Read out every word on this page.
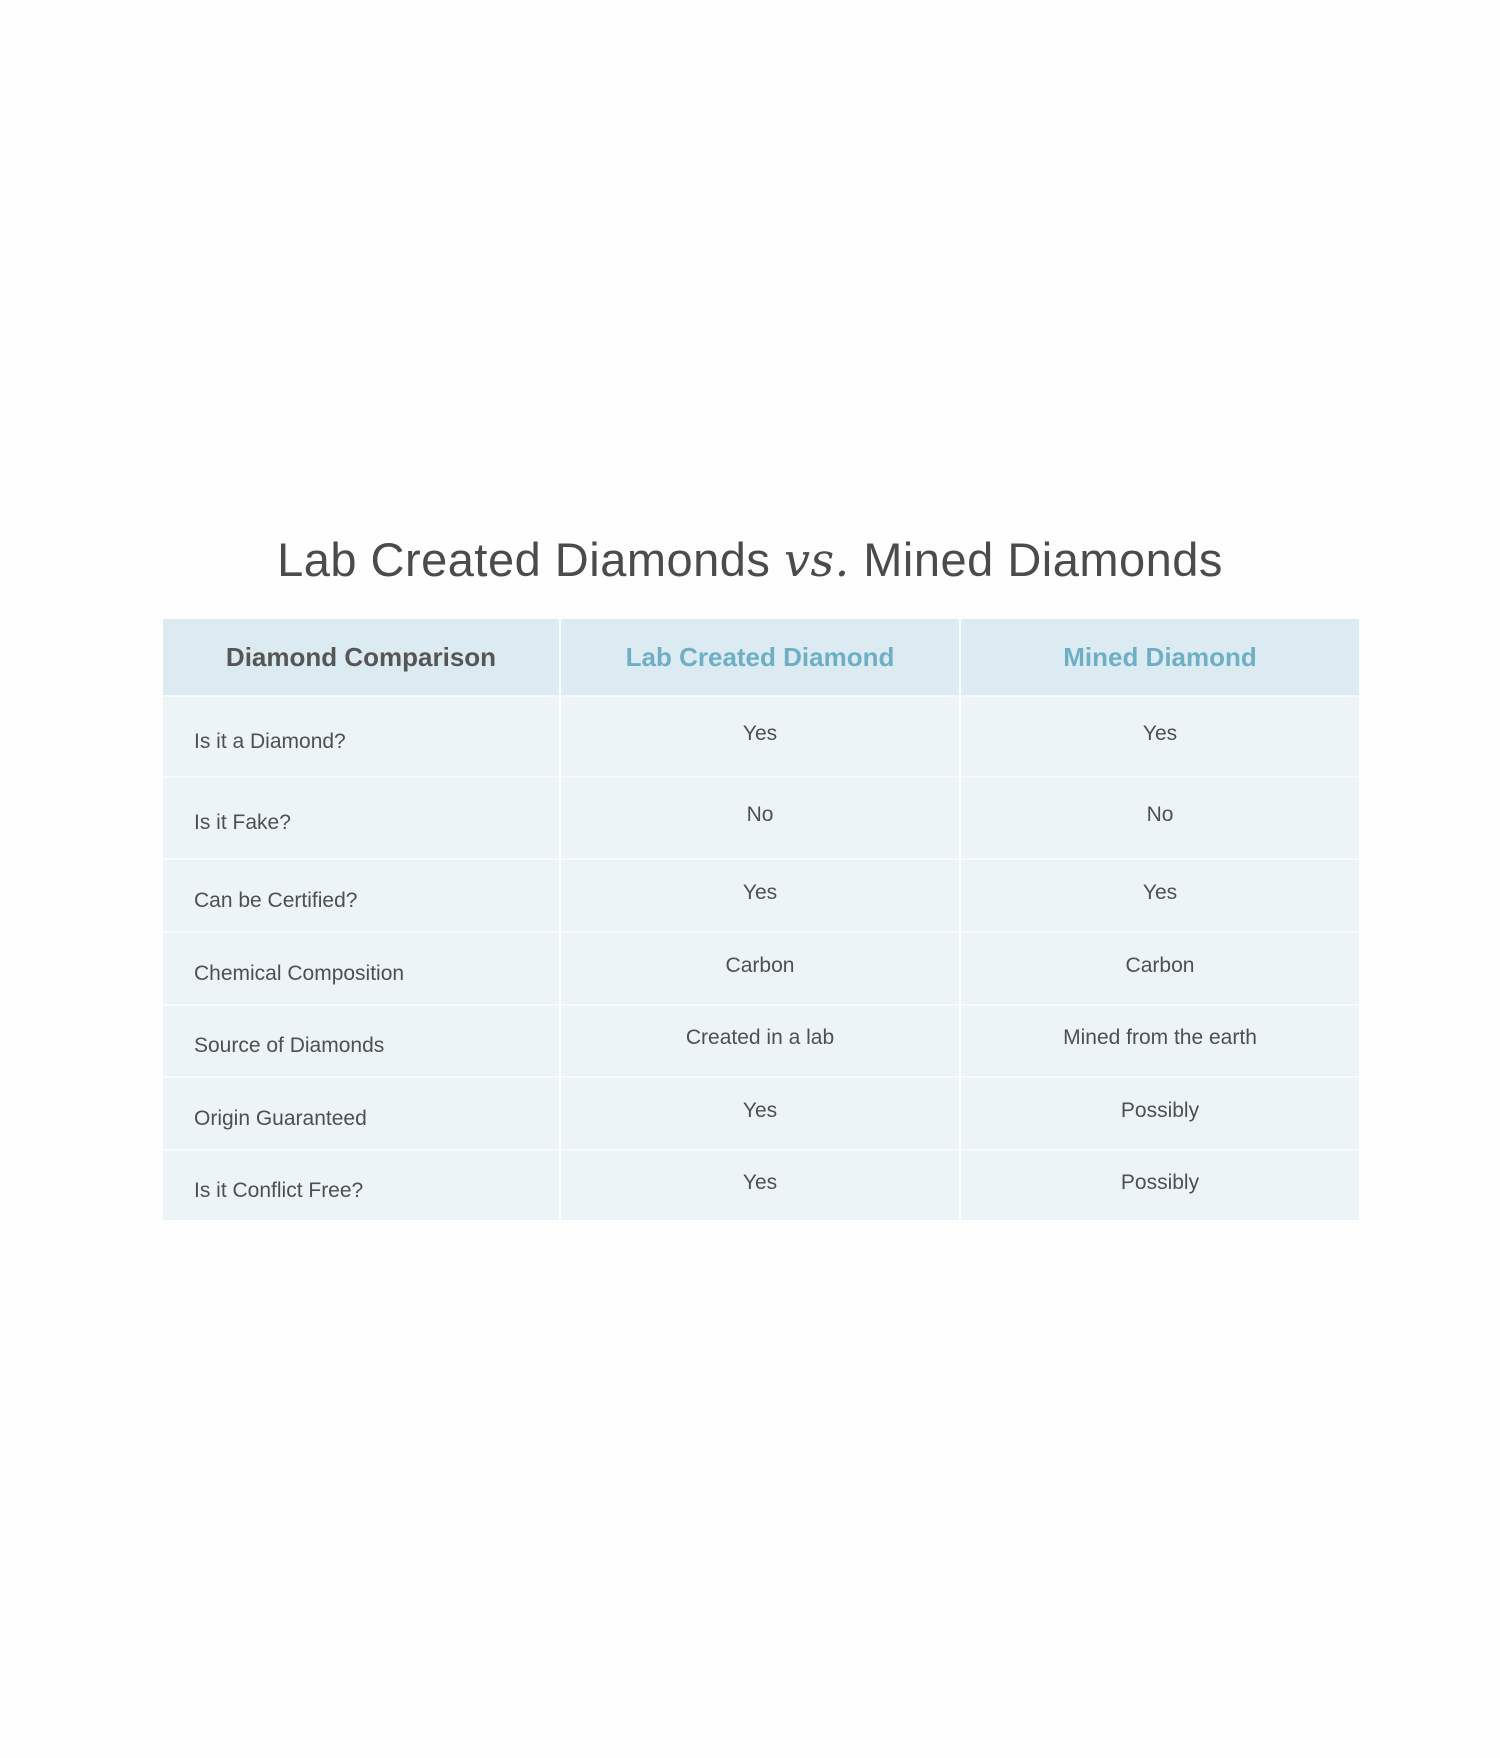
Lab Created Diamonds vs. Mined Diamonds
Diamond Comparison	Lab Created Diamond	Mined Diamond
Is it a Diamond?	Yes	Yes
Is it Fake?	No	No
Can be Certified?	Yes	Yes
Chemical Composition	Carbon	Carbon
Source of Diamonds	Created in a lab	Mined from the earth
Origin Guaranteed	Yes	Possibly
Is it Conflict Free?	Yes	Possibly
